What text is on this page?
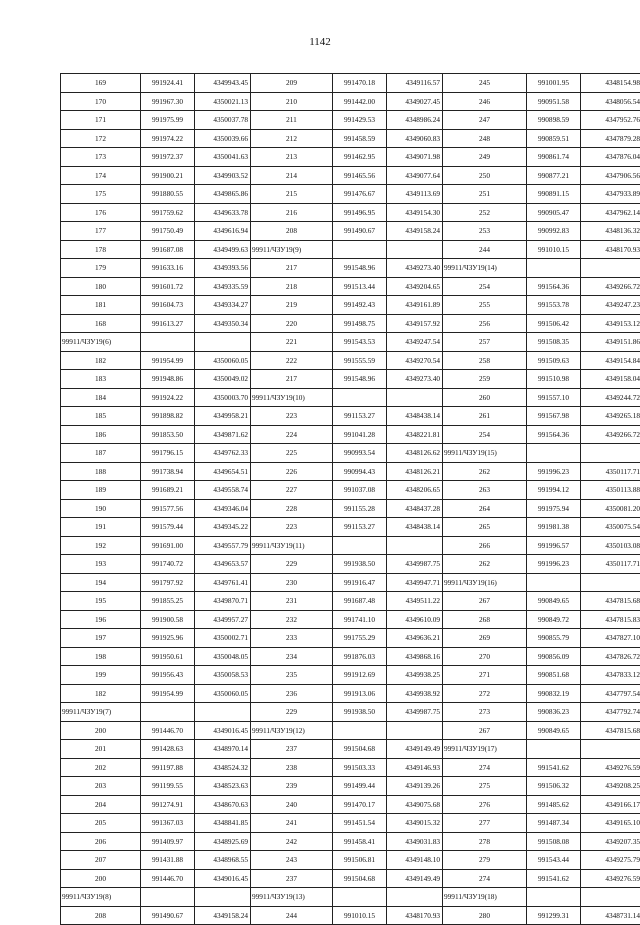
1142
169	991924.41	4349943.45	209	991470.18	4349116.57	245	991001.95	4348154.98
170	991967.30	4350021.13	210	991442.00	4349027.45	246	990951.58	4348056.54
171	991975.99	4350037.78	211	991429.53	4348986.24	247	990898.59	4347952.76
172	991974.22	4350039.66	212	991458.59	4349060.83	248	990859.51	4347879.28
173	991972.37	4350041.63	213	991462.95	4349071.98	249	990861.74	4347876.04
174	991900.21	4349903.52	214	991465.56	4349077.64	250	990877.21	4347906.56
175	991880.55	4349865.86	215	991476.67	4349113.69	251	990891.15	4347933.89
176	991759.62	4349633.78	216	991496.95	4349154.30	252	990905.47	4347962.14
177	991750.49	4349616.94	208	991490.67	4349158.24	253	990992.83	4348136.32
178	991687.08	4349499.63	99911/ЧЗУ19(9)			244	991010.15	4348170.93
179	991633.16	4349393.56	217	991548.96	4349273.40	99911/ЧЗУ19(14)		
180	991601.72	4349335.59	218	991513.44	4349204.65	254	991564.36	4349266.72
181	991604.73	4349334.27	219	991492.43	4349161.89	255	991553.78	4349247.23
168	991613.27	4349350.34	220	991498.75	4349157.92	256	991506.42	4349153.12
99911/ЧЗУ19(6)			221	991543.53	4349247.54	257	991508.35	4349151.86
182	991954.99	4350060.05	222	991555.59	4349270.54	258	991509.63	4349154.84
183	991948.86	4350049.02	217	991548.96	4349273.40	259	991510.98	4349158.04
184	991924.22	4350003.70	99911/ЧЗУ19(10)			260	991557.10	4349244.72
185	991898.82	4349958.21	223	991153.27	4348438.14	261	991567.98	4349265.18
186	991853.50	4349871.62	224	991041.28	4348221.81	254	991564.36	4349266.72
187	991796.15	4349762.33	225	990993.54	4348126.62	99911/ЧЗУ19(15)		
188	991738.94	4349654.51	226	990994.43	4348126.21	262	991996.23	4350117.71
189	991689.21	4349558.74	227	991037.08	4348206.65	263	991994.12	4350113.88
190	991577.56	4349346.04	228	991155.28	4348437.28	264	991975.94	4350081.20
191	991579.44	4349345.22	223	991153.27	4348438.14	265	991981.38	4350075.54
192	991691.00	4349557.79	99911/ЧЗУ19(11)			266	991996.57	4350103.08
193	991740.72	4349653.57	229	991938.50	4349987.75	262	991996.23	4350117.71
194	991797.92	4349761.41	230	991916.47	4349947.71	99911/ЧЗУ19(16)		
195	991855.25	4349870.71	231	991687.48	4349511.22	267	990849.65	4347815.68
196	991900.58	4349957.27	232	991741.10	4349610.09	268	990849.72	4347815.83
197	991925.96	4350002.71	233	991755.29	4349636.21	269	990855.79	4347827.10
198	991950.61	4350048.05	234	991876.03	4349868.16	270	990856.09	4347826.72
199	991956.43	4350058.53	235	991912.69	4349938.25	271	990851.68	4347833.12
182	991954.99	4350060.05	236	991913.06	4349938.92	272	990832.19	4347797.54
99911/ЧЗУ19(7)			229	991938.50	4349987.75	273	990836.23	4347792.74
200	991446.70	4349016.45	99911/ЧЗУ19(12)			267	990849.65	4347815.68
201	991428.63	4348970.14	237	991504.68	4349149.49	99911/ЧЗУ19(17)		
202	991197.88	4348524.32	238	991503.33	4349146.93	274	991541.62	4349276.59
203	991199.55	4348523.63	239	991499.44	4349139.26	275	991506.32	4349208.25
204	991274.91	4348670.63	240	991470.17	4349075.68	276	991485.62	4349166.17
205	991367.03	4348841.85	241	991451.54	4349015.32	277	991487.34	4349165.10
206	991409.97	4348925.69	242	991458.41	4349031.83	278	991508.08	4349207.35
207	991431.88	4348968.55	243	991506.81	4349148.10	279	991543.44	4349275.79
200	991446.70	4349016.45	237	991504.68	4349149.49	274	991541.62	4349276.59
99911/ЧЗУ19(8)			99911/ЧЗУ19(13)			99911/ЧЗУ19(18)		
208	991490.67	4349158.24	244	991010.15	4348170.93	280	991299.31	4348731.14
